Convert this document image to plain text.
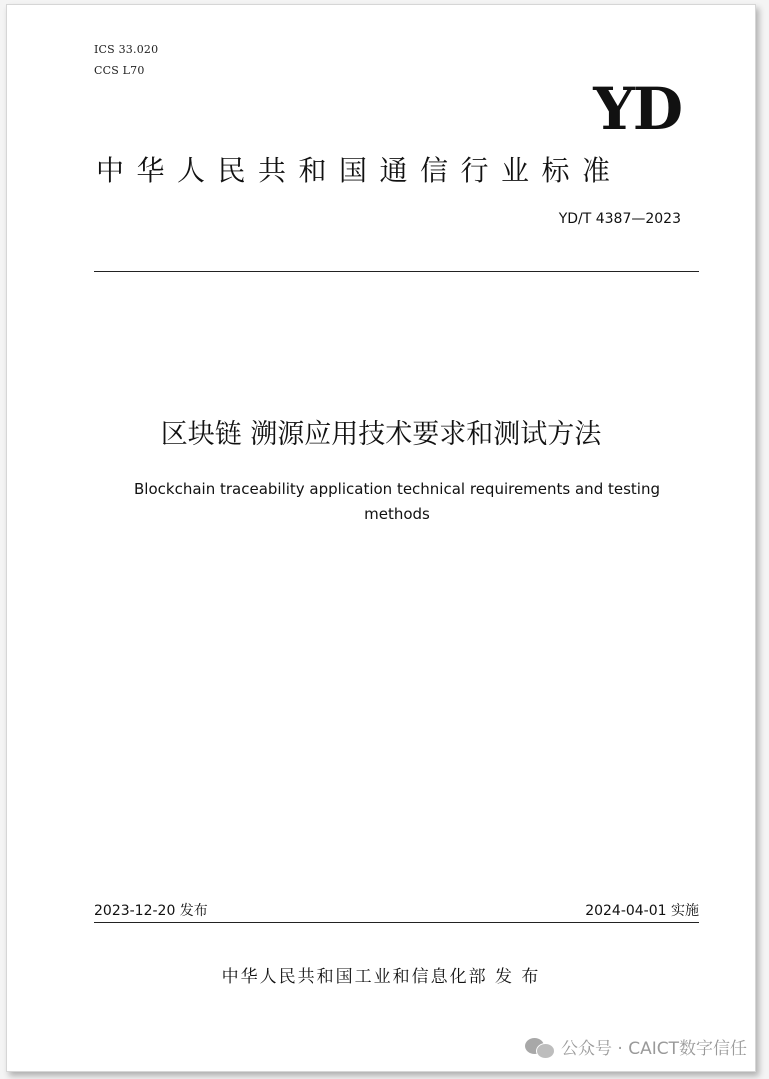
ICS 33.020

CCS L70

YD
中华人民共和国通信行业标准
YD/T 4387—2023
区块链 溯源应用技术要求和测试方法
Blockchain traceability application technical requirements and testing methods
2023-12-20 发布	2024-04-01 实施
中华人民共和国工业和信息化部 发 布
公众号 · CAICT数字信任
